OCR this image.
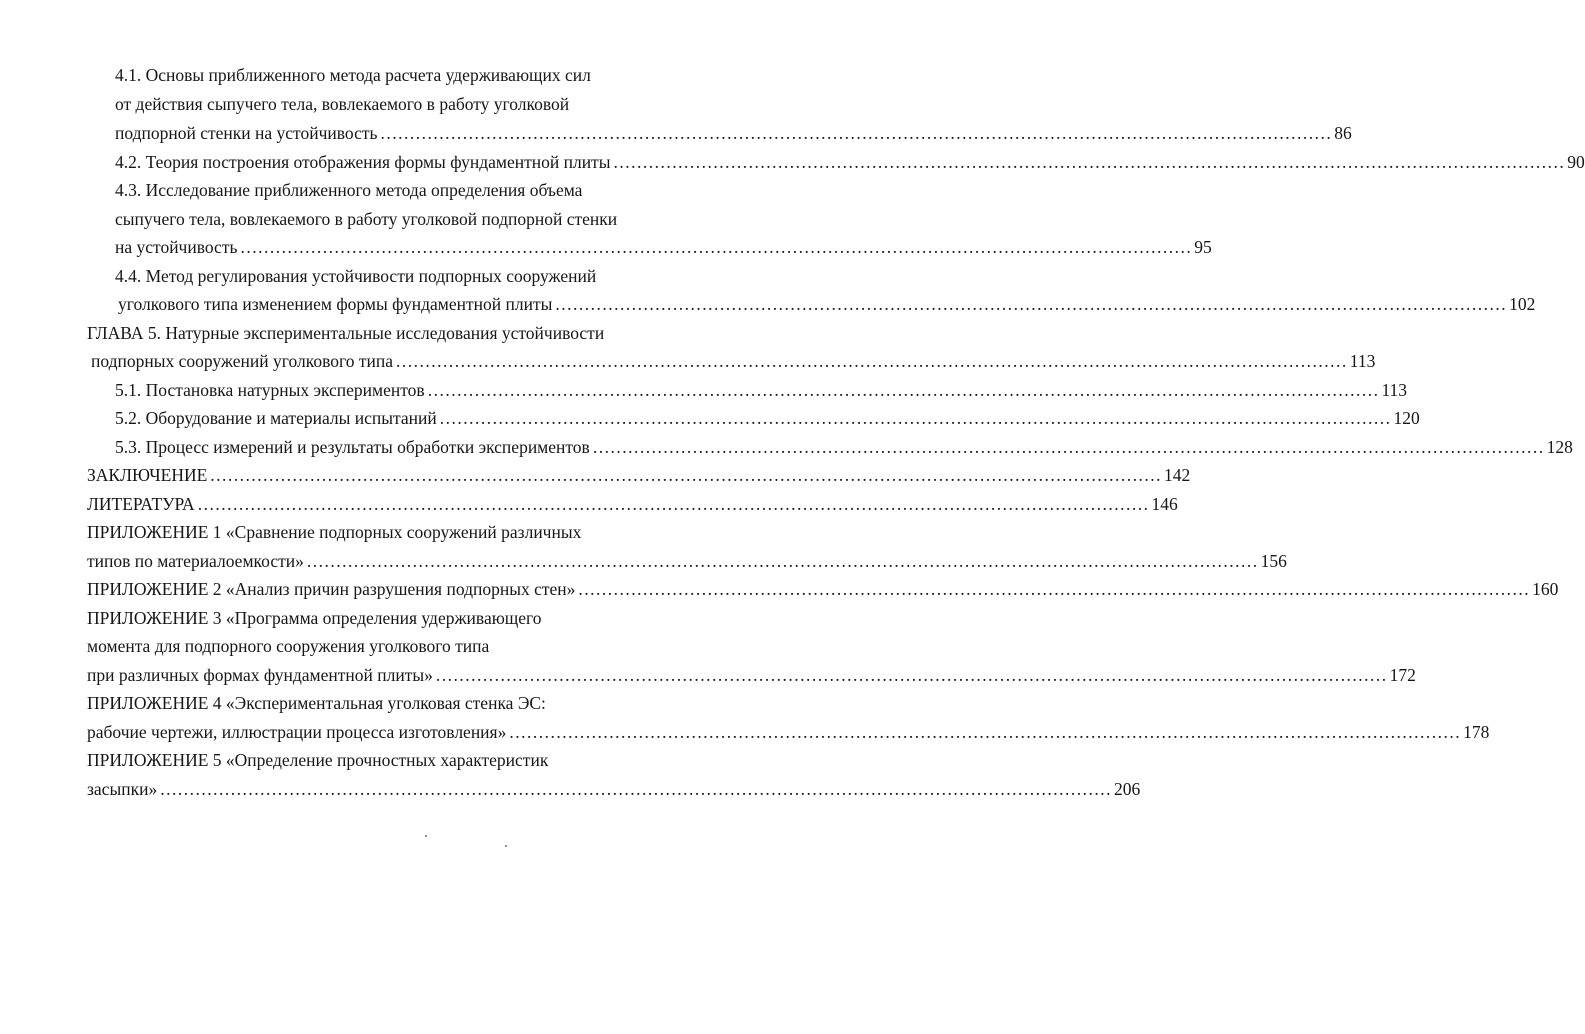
4.1. Основы приближенного метода расчета удерживающих сил
от действия сыпучего тела, вовлекаемого в работу уголковой
подпорной стенки на устойчивость .................................................................................................................................................................. 86
4.2. Теория построения отображения формы фундаментной плиты .................................................................................................................................................................. 90
4.3. Исследование приближенного метода определения объема
сыпучего тела, вовлекаемого в работу уголковой подпорной стенки
на устойчивость .................................................................................................................................................................. 95
4.4. Метод регулирования устойчивости подпорных сооружений
уголкового типа изменением формы фундаментной плиты .................................................................................................................................................................. 102
ГЛАВА 5. Натурные экспериментальные исследования устойчивости
подпорных сооружений уголкового типа .................................................................................................................................................................. 113
5.1. Постановка натурных экспериментов .................................................................................................................................................................. 113
5.2. Оборудование и материалы испытаний .................................................................................................................................................................. 120
5.3. Процесс измерений и результаты обработки экспериментов .................................................................................................................................................................. 128
ЗАКЛЮЧЕНИЕ .................................................................................................................................................................. 142
ЛИТЕРАТУРА .................................................................................................................................................................. 146
ПРИЛОЖЕНИЕ 1 «Сравнение подпорных сооружений различных
типов по материалоемкости» .................................................................................................................................................................. 156
ПРИЛОЖЕНИЕ 2 «Анализ причин разрушения подпорных стен» .................................................................................................................................................................. 160
ПРИЛОЖЕНИЕ 3 «Программа определения удерживающего
момента для подпорного сооружения уголкового типа
при различных формах фундаментной плиты» .................................................................................................................................................................. 172
ПРИЛОЖЕНИЕ 4 «Экспериментальная уголковая стенка ЭС:
рабочие чертежи, иллюстрации процесса изготовления» .................................................................................................................................................................. 178
ПРИЛОЖЕНИЕ 5 «Определение прочностных характеристик
засыпки» .................................................................................................................................................................. 206
